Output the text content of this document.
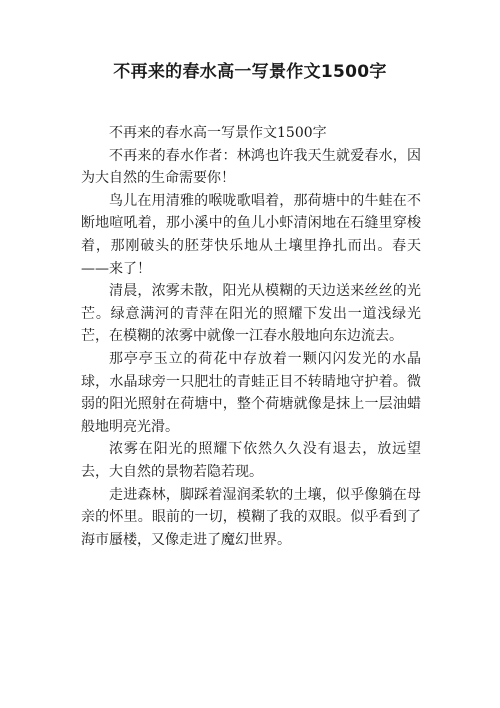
不再来的春水高一写景作文1500字

不再来的春水高一写景作文1500字

不再来的春水作者：林鸿也许我天生就爱春水，因为大自然的生命需要你！

鸟儿在用清雅的喉咙歌唱着，那荷塘中的牛蛙在不断地喧吼着，那小溪中的鱼儿小虾清闲地在石缝里穿梭着，那刚破头的胚芽快乐地从土壤里挣扎而出。春天——来了！

清晨，浓雾未散，阳光从模糊的天边送来丝丝的光芒。绿意满河的青萍在阳光的照耀下发出一道浅绿光芒，在模糊的浓雾中就像一江春水般地向东边流去。

那亭亭玉立的荷花中存放着一颗闪闪发光的水晶球，水晶球旁一只肥壮的青蛙正目不转睛地守护着。微弱的阳光照射在荷塘中，整个荷塘就像是抹上一层油蜡般地明亮光滑。

浓雾在阳光的照耀下依然久久没有退去，放远望去，大自然的景物若隐若现。

走进森林，脚踩着湿润柔软的土壤，似乎像躺在母亲的怀里。眼前的一切，模糊了我的双眼。似乎看到了海市蜃楼，又像走进了魔幻世界。
